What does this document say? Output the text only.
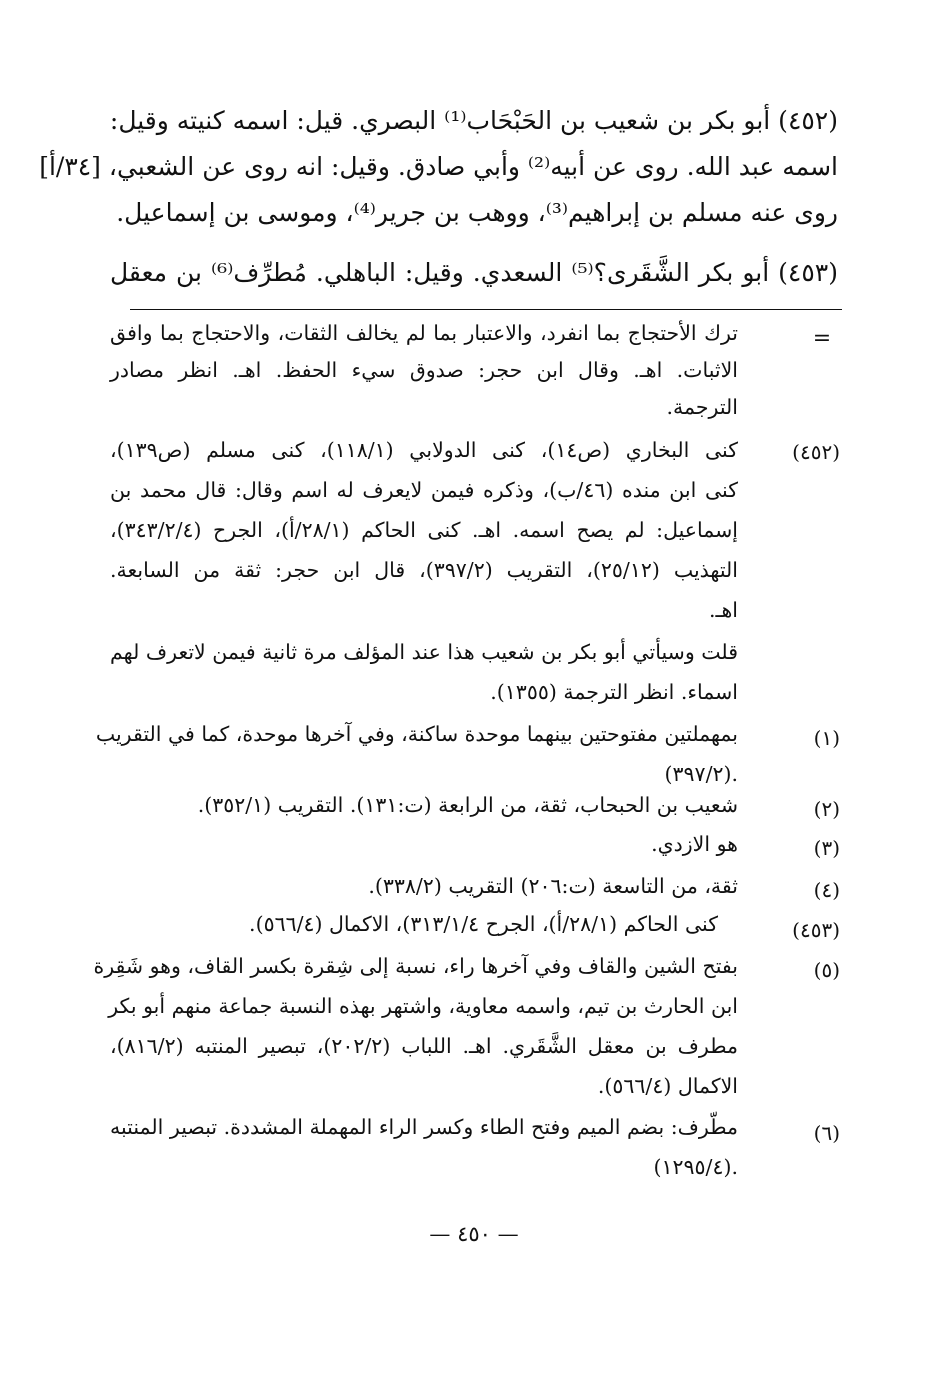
(٤٥٢) أبو بكر بن شعيب بن الحَبْحَاب⁽¹⁾ البصري. قيل: اسمه كنيته وقيل:
اسمه عبد الله. روى عن أبيه⁽²⁾ وأبي صادق. وقيل: انه روى عن الشعبي، [٣٤/أ]
روى عنه مسلم بن إبراهيم⁽³⁾، ووهب بن جرير⁽⁴⁾، وموسى بن إسماعيل.
(٤٥٣) أبو بكر الشَّقَرى؟⁽⁵⁾ السعدي. وقيل: الباهلي. مُطرِّف⁽⁶⁾ بن معقل
=
ترك الأحتجاج بما انفرد، والاعتبار بما لم يخالف الثقات، والاحتجاج بما وافق
الاثبات. اهـ. وقال ابن حجر: صدوق سيء الحفظ. اهـ. انظر مصادر
الترجمة.
(٤٥٢)
كنى البخاري (ص١٤)، كنى الدولابي (١١٨/١)، كنى مسلم (ص١٣٩)،
كنى ابن منده (٤٦/ب)، وذكره فيمن لايعرف له اسم وقال: قال محمد بن
إسماعيل: لم يصح اسمه. اهـ. كنى الحاكم (٢٨/١/أ)، الجرح (٣٤٣/٢/٤)،
التهذيب (٢٥/١٢)، التقريب (٣٩٧/٢)، قال ابن حجر: ثقة من السابعة.
اهـ.
قلت وسيأتي أبو بكر بن شعيب هذا عند المؤلف مرة ثانية فيمن لاتعرف لهم
اسماء. انظر الترجمة (١٣٥٥).
(١)
بمهملتين مفتوحتين بينهما موحدة ساكنة، وفي آخرها موحدة، كما في التقريب
.(٣٩٧/٢)
(٢)
شعيب بن الحبحاب، ثقة، من الرابعة (ت:١٣١). التقريب (٣٥٢/١).
(٣)
هو الازدي.
(٤)
ثقة، من التاسعة (ت:٢٠٦) التقريب (٣٣٨/٢).
(٤٥٣)
كنى الحاكم (٢٨/١/أ)، الجرح ٣١٣/١/٤)، الاكمال (٥٦٦/٤).
(٥)
بفتح الشين والقاف وفي آخرها راء، نسبة إلى شِقرة بكسر القاف، وهو شَقِرة
ابن الحارث بن تيم، واسمه معاوية، واشتهر بهذه النسبة جماعة منهم أبو بكر
مطرف بن معقل الشَّقَري. اهـ. اللباب (٢٠٢/٢)، تبصير المنتبه (٨١٦/٢)،
الاكمال (٥٦٦/٤).
(٦)
مطّرف: بضم الميم وفتح الطاء وكسر الراء المهملة المشددة. تبصير المنتبه
.(١٢٩٥/٤)
— ٤٥٠ —
